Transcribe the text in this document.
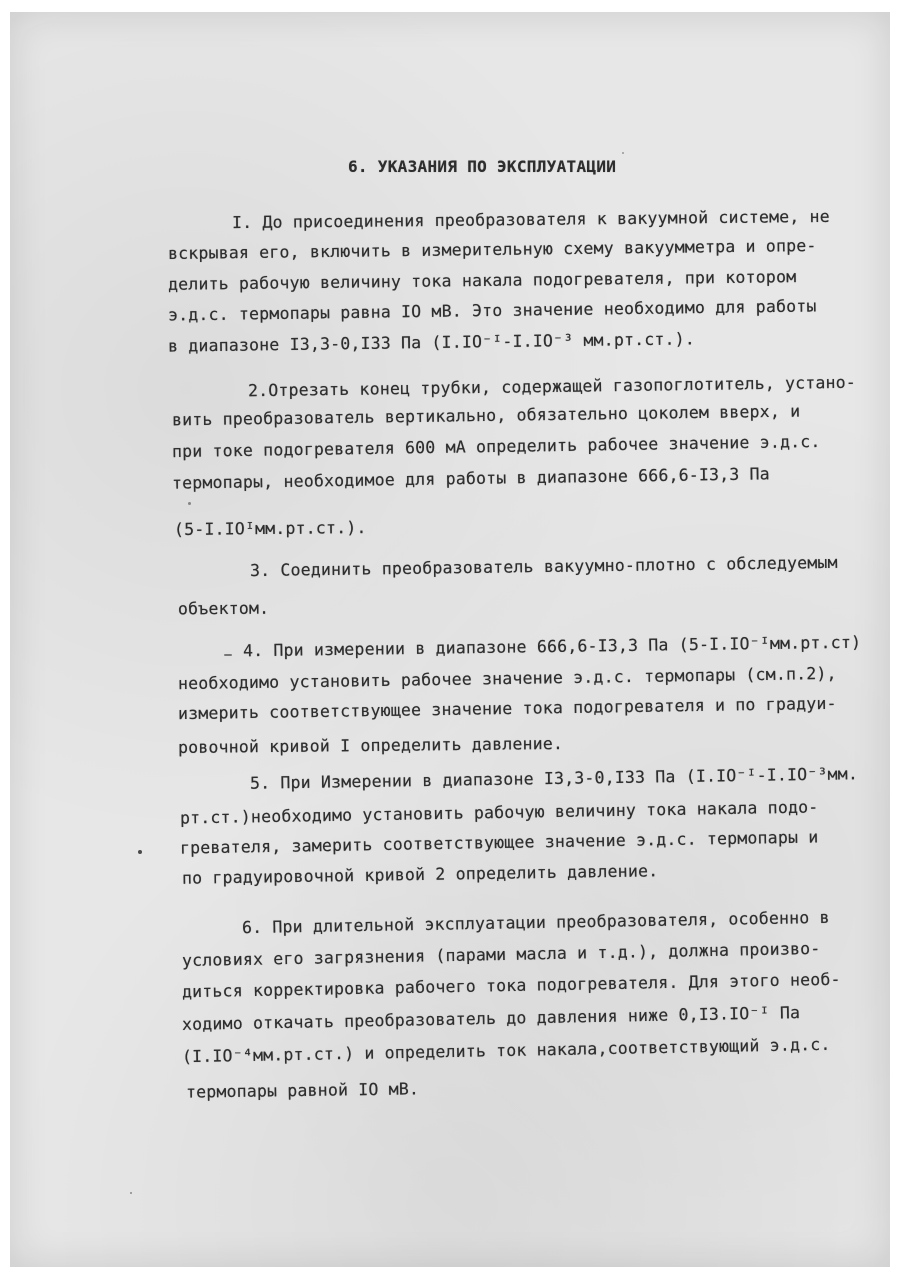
6. УКАЗАНИЯ ПО ЭКСПЛУАТАЦИИ
I. До присоединения преобразователя к вакуумной системе, не
вскрывая его, включить в измерительную схему вакуумметра и опре-
делить рабочую величину тока накала подогревателя, при котором
э.д.с. термопары равна IO мВ. Это значение необходимо для работы
в диапазоне I3,3-0,I33 Па (I.IO⁻ᴵ-I.IO⁻³ мм.рт.ст.).
2.Отрезать конец трубки, содержащей газопоглотитель, устано-
вить преобразователь вертикально, обязательно цоколем вверх, и
при токе подогревателя 600 мА определить рабочее значение э.д.с.
термопары, необходимое для работы в диапазоне 666,6-I3,3 Па
(5-I.IOᴵмм.рт.ст.).
3. Соединить преобразователь вакуумно-плотно с обследуемым
объектом.
4. При измерении в диапазоне 666,6-I3,3 Па (5-I.IO⁻ᴵмм.рт.ст)
необходимо установить рабочее значение э.д.с. термопары (см.п.2),
измерить соответствующее значение тока подогревателя и по градуи-
ровочной кривой I определить давление.
5. При Измерении в диапазоне I3,3-0,I33 Па (I.IO⁻ᴵ-I.IO⁻³мм.
рт.ст.)необходимо установить рабочую величину тока накала подо-
гревателя, замерить соответствующее значение э.д.с. термопары и
по градуировочной кривой 2 определить давление.
6. При длительной эксплуатации преобразователя, особенно в
условиях его загрязнения (парами масла и т.д.), должна произво-
диться корректировка рабочего тока подогревателя. Для этого необ-
ходимо откачать преобразователь до давления ниже 0,I3.IO⁻ᴵ Па
(I.IO⁻⁴мм.рт.ст.) и определить ток накала,соответствующий э.д.с.
термопары равной IO мВ.
